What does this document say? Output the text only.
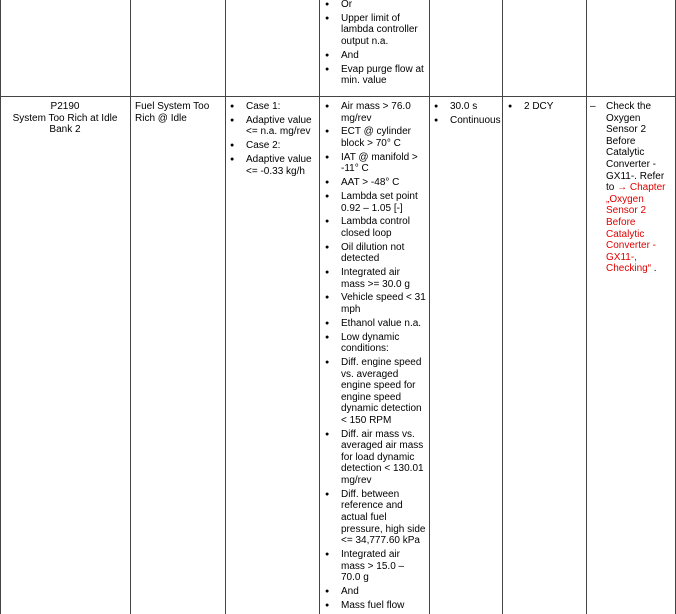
● Or
● Upper limit of lambda controller output n.a.
● And
● Evap purge flow at min. value
P2190
System Too Rich at Idle Bank 2
Fuel System Too Rich @ Idle
● Case 1:
● Adaptive value <= n.a. mg/rev
● Case 2:
● Adaptive value <= -0.33 kg/h
● Air mass > 76.0 mg/rev
● ECT @ cylinder block > 70° C
● IAT @ manifold > -11° C
● AAT > -48° C
● Lambda set point 0.92 – 1.05 [-]
● Lambda control closed loop
● Oil dilution not detected
● Integrated air mass >= 30.0 g
● Vehicle speed < 31 mph
● Ethanol value n.a.
● Low dynamic conditions:
● Diff. engine speed vs. averaged engine speed for engine speed dynamic detection < 150 RPM
● Diff. air mass vs. averaged air mass for load dynamic detection < 130.01 mg/rev
● Diff. between reference and actual fuel pressure, high side <= 34,777.60 kPa
● Integrated air mass > 15.0 – 70.0 g
● And
● Mass fuel flow
● 30.0 s
● Continuous
● 2 DCY	– Check the Oxygen Sensor 2 Before Catalytic Converter - GX11-. Refer to → Chapter „Oxygen Sensor 2 Before Catalytic Converter - GX11-, Checking“ .
